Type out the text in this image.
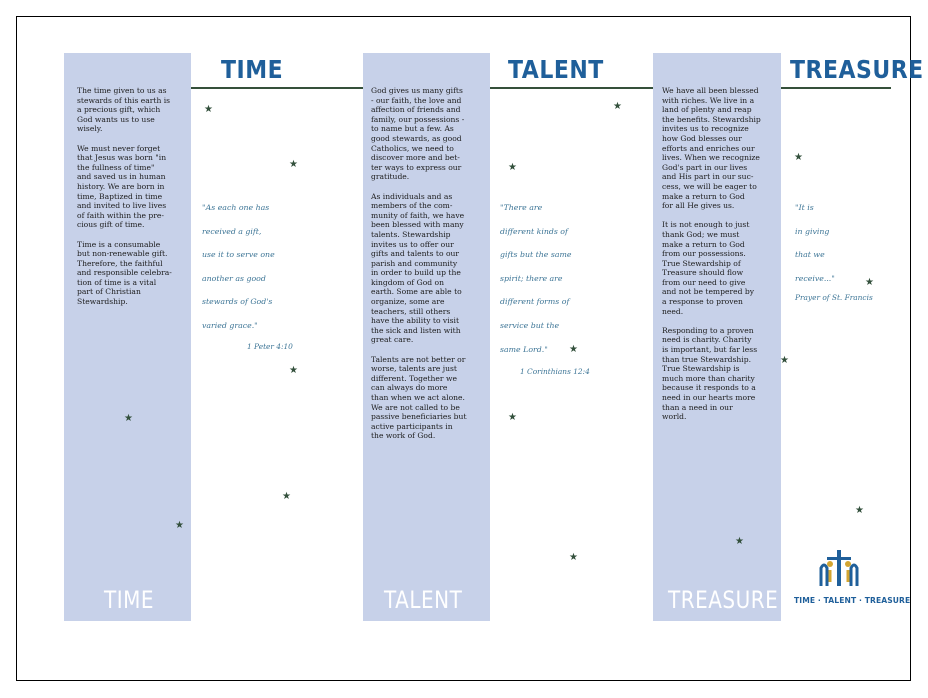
TIME
The time given to us as
stewards of this earth is
a precious gift, which
God wants us to use
wisely.

We must never forget
that Jesus was born "in
the fullness of time"
and saved us in human
history. We are born in
time, Baptized in time
and invited to live lives
of faith within the pre-
cious gift of time.

Time is a consumable
but non-renewable gift.
Therefore, the faithful
and responsible celebra-
tion of time is a vital
part of Christian
Stewardship.
"As each one has
received a gift,
use it to serve one
another as good
stewards of God's
varied grace."
1 Peter 4:10
TIME
TALENT
God gives us many gifts
- our faith, the love and
affection of friends and
family, our possessions -
to name but a few. As
good stewards, as good
Catholics, we need to
discover more and bet-
ter ways to express our
gratitude.

As individuals and as
members of the com-
munity of faith, we have
been blessed with many
talents. Stewardship
invites us to offer our
gifts and talents to our
parish and community
in order to build up the
kingdom of God on
earth. Some are able to
organize, some are
teachers, still others
have the ability to visit
the sick and listen with
great care.

Talents are not better or
worse, talents are just
different. Together we
can always do more
than when we act alone.
We are not called to be
passive beneficiaries but
active participants in
the work of God.
"There are
different kinds of
gifts but the same
spirit; there are
different forms of
service but the
same Lord."
1 Corinthians 12:4
TALENT
TREASURE
We have all been blessed
with riches. We live in a
land of plenty and reap
the benefits. Stewardship
invites us to recognize
how God blesses our
efforts and enriches our
lives. When we recognize
God's part in our lives
and His part in our suc-
cess, we will be eager to
make a return to God
for all He gives us.

It is not enough to just
thank God; we must
make a return to God
from our possessions.
True Stewardship of
Treasure should flow
from our need to give
and not be tempered by
a response to proven
need.

Responding to a proven
need is charity. Charity
is important, but far less
than true Stewardship.
True Stewardship is
much more than charity
because it responds to a
need in our hearts more
than a need in our
world.
"It is
in giving
that we
receive..."
Prayer of St. Francis
TREASURE
★
★
★
★
★
★
★
★
★
★
★
★
★
★
★
★
TIME · TALENT · TREASURE
